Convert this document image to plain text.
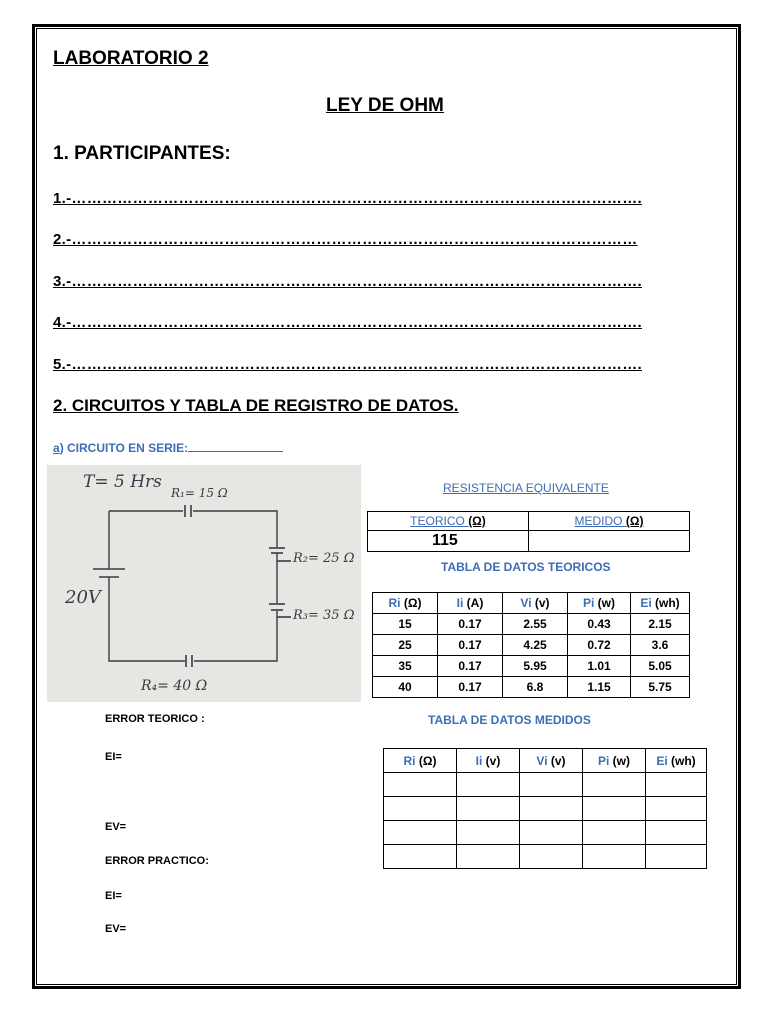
LABORATORIO 2
LEY DE OHM
1. PARTICIPANTES:
1.-………………………………………………………………………………………………….
2.-…………………………………………………………………………………………………
3.-………………………………………………………………………………………………….
4.-………………………………………………………………………………………………….
5.-………………………………………………………………………………………………….
2. CIRCUITOS Y TABLA DE REGISTRO DE DATOS.
a) CIRCUITO EN SERIE:
T= 5 Hrs
R₁= 15 Ω
R₂= 25 Ω
R₃= 35 Ω
R₄= 40 Ω
20V
RESISTENCIA EQUIVALENTE
TEORICO (Ω)	MEDIDO (Ω)
115	
TABLA DE DATOS TEORICOS
Ri (Ω)	Ii (A)	Vi (v)	Pi (w)	Ei (wh)
15	0.17	2.55	0.43	2.15
25	0.17	4.25	0.72	3.6
35	0.17	5.95	1.01	5.05
40	0.17	6.8	1.15	5.75
TABLA DE DATOS MEDIDOS
Ri (Ω)	Ii (v)	Vi (v)	Pi (w)	Ei (wh)

ERROR TEORICO :
EI=
EV=
ERROR PRACTICO:
EI=
EV=
